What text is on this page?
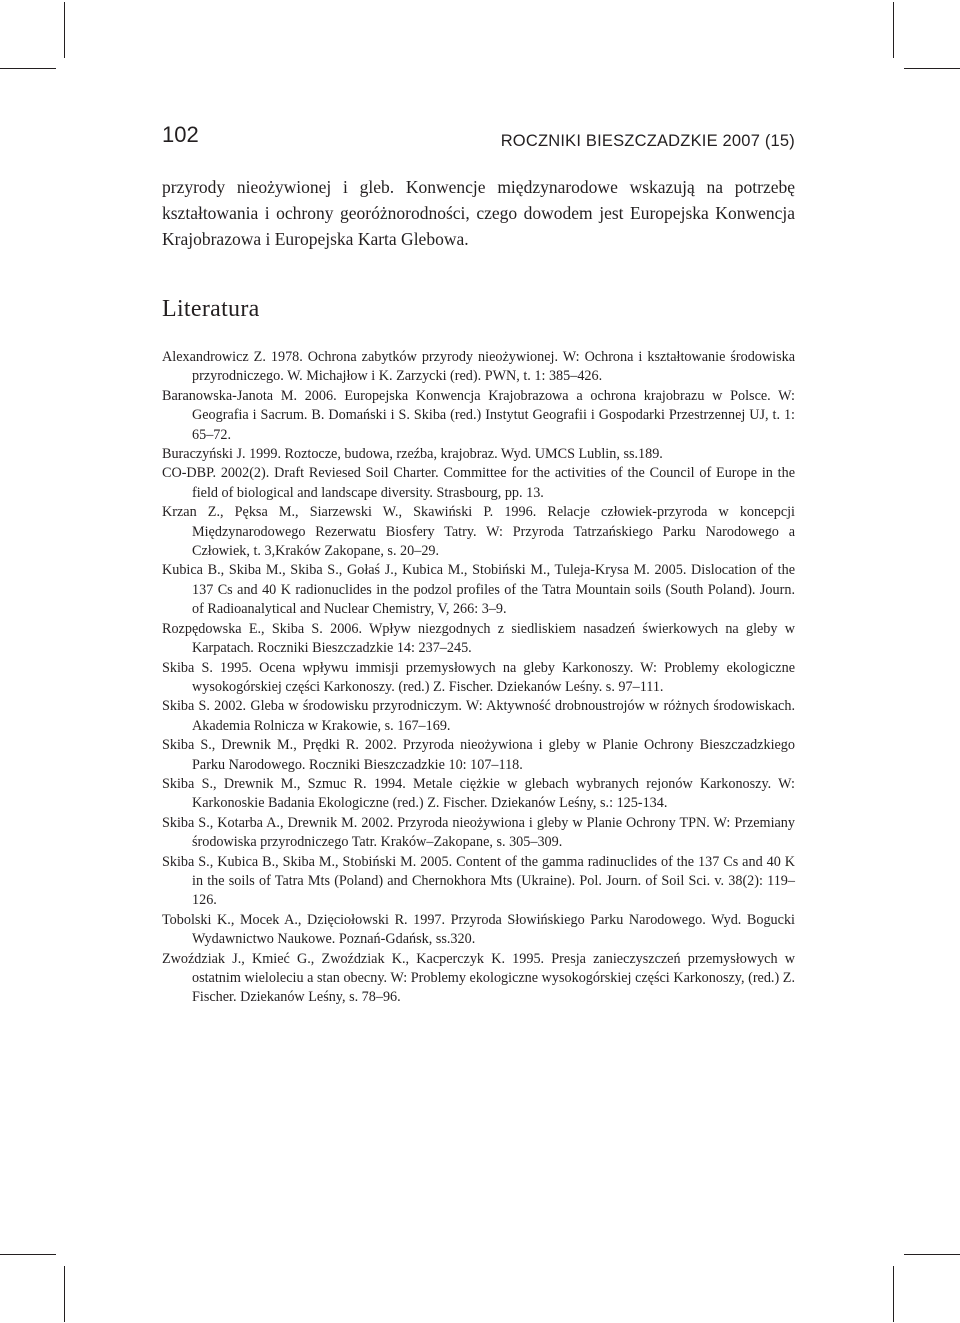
102	ROCZNIKI BIESZCZADZKIE 2007 (15)

przyrody nieożywionej i gleb. Konwencje międzynarodowe wskazują na potrzebę kształtowania i ochrony georóżnorodności, czego dowodem jest Europejska Konwencja Krajobrazowa i Europejska Karta Glebowa.

Literatura
Alexandrowicz Z. 1978. Ochrona zabytków przyrody nieożywionej. W: Ochrona i kształtowanie środowiska przyrodniczego. W. Michajłow i K. Zarzycki (red). PWN, t. 1: 385–426.
Baranowska-Janota M. 2006. Europejska Konwencja Krajobrazowa a ochrona krajobrazu w Polsce. W: Geografia i Sacrum. B. Domański i S. Skiba (red.) Instytut Geografii i Gospodarki Przestrzennej UJ, t. 1: 65–72.
Buraczyński J. 1999. Roztocze, budowa, rzeźba, krajobraz. Wyd. UMCS Lublin, ss.189.
CO-DBP. 2002(2). Draft Reviesed Soil Charter. Committee for the activities of the Council of Europe in the field of biological and landscape diversity. Strasbourg, pp. 13.
Krzan Z., Pęksa M., Siarzewski W., Skawiński P. 1996. Relacje człowiek-przyroda w koncepcji Międzynarodowego Rezerwatu Biosfery Tatry. W: Przyroda Tatrzańskiego Parku Narodowego a Człowiek, t. 3,Kraków Zakopane, s. 20–29.
Kubica B., Skiba M., Skiba S., Gołaś J., Kubica M., Stobiński M., Tuleja-Krysa M. 2005. Dislocation of the 137 Cs and 40 K radionuclides in the podzol profiles of the Tatra Mountain soils (South Poland). Journ. of Radioanalytical and Nuclear Chemistry, V, 266: 3–9.
Rozpędowska E., Skiba S. 2006. Wpływ niezgodnych z siedliskiem nasadzeń świerkowych na gleby w Karpatach. Roczniki Bieszczadzkie 14: 237–245.
Skiba S. 1995. Ocena wpływu immisji przemysłowych na gleby Karkonoszy. W: Problemy ekologiczne wysokogórskiej części Karkonoszy. (red.) Z. Fischer. Dziekanów Leśny. s. 97–111.
Skiba S. 2002. Gleba w środowisku przyrodniczym. W: Aktywność drobnoustrojów w różnych środowiskach. Akademia Rolnicza w Krakowie, s. 167–169.
Skiba S., Drewnik M., Prędki R. 2002. Przyroda nieożywiona i gleby w Planie Ochrony Bieszczadzkiego Parku Narodowego. Roczniki Bieszczadzkie 10: 107–118.
Skiba S., Drewnik M., Szmuc R. 1994. Metale ciężkie w glebach wybranych rejonów Karkonoszy. W: Karkonoskie Badania Ekologiczne (red.) Z. Fischer. Dziekanów Leśny, s.: 125-134.
Skiba S., Kotarba A., Drewnik M. 2002. Przyroda nieożywiona i gleby w Planie Ochrony TPN. W: Przemiany środowiska przyrodniczego Tatr. Kraków–Zakopane, s. 305–309.
Skiba S., Kubica B., Skiba M., Stobiński M. 2005. Content of the gamma radinuclides of the 137 Cs and 40 K in the soils of Tatra Mts (Poland) and Chernokhora Mts (Ukraine). Pol. Journ. of Soil Sci. v. 38(2): 119–126.
Tobolski K., Mocek A., Dzięciołowski R. 1997. Przyroda Słowińskiego Parku Narodowego. Wyd. Bogucki Wydawnictwo Naukowe. Poznań-Gdańsk, ss.320.
Zwoździak J., Kmieć G., Zwoździak K., Kacperczyk K. 1995. Presja zanieczyszczeń przemysłowych w ostatnim wieloleciu a stan obecny. W: Problemy ekologiczne wysokogórskiej części Karkonoszy, (red.) Z. Fischer. Dziekanów Leśny, s. 78–96.
